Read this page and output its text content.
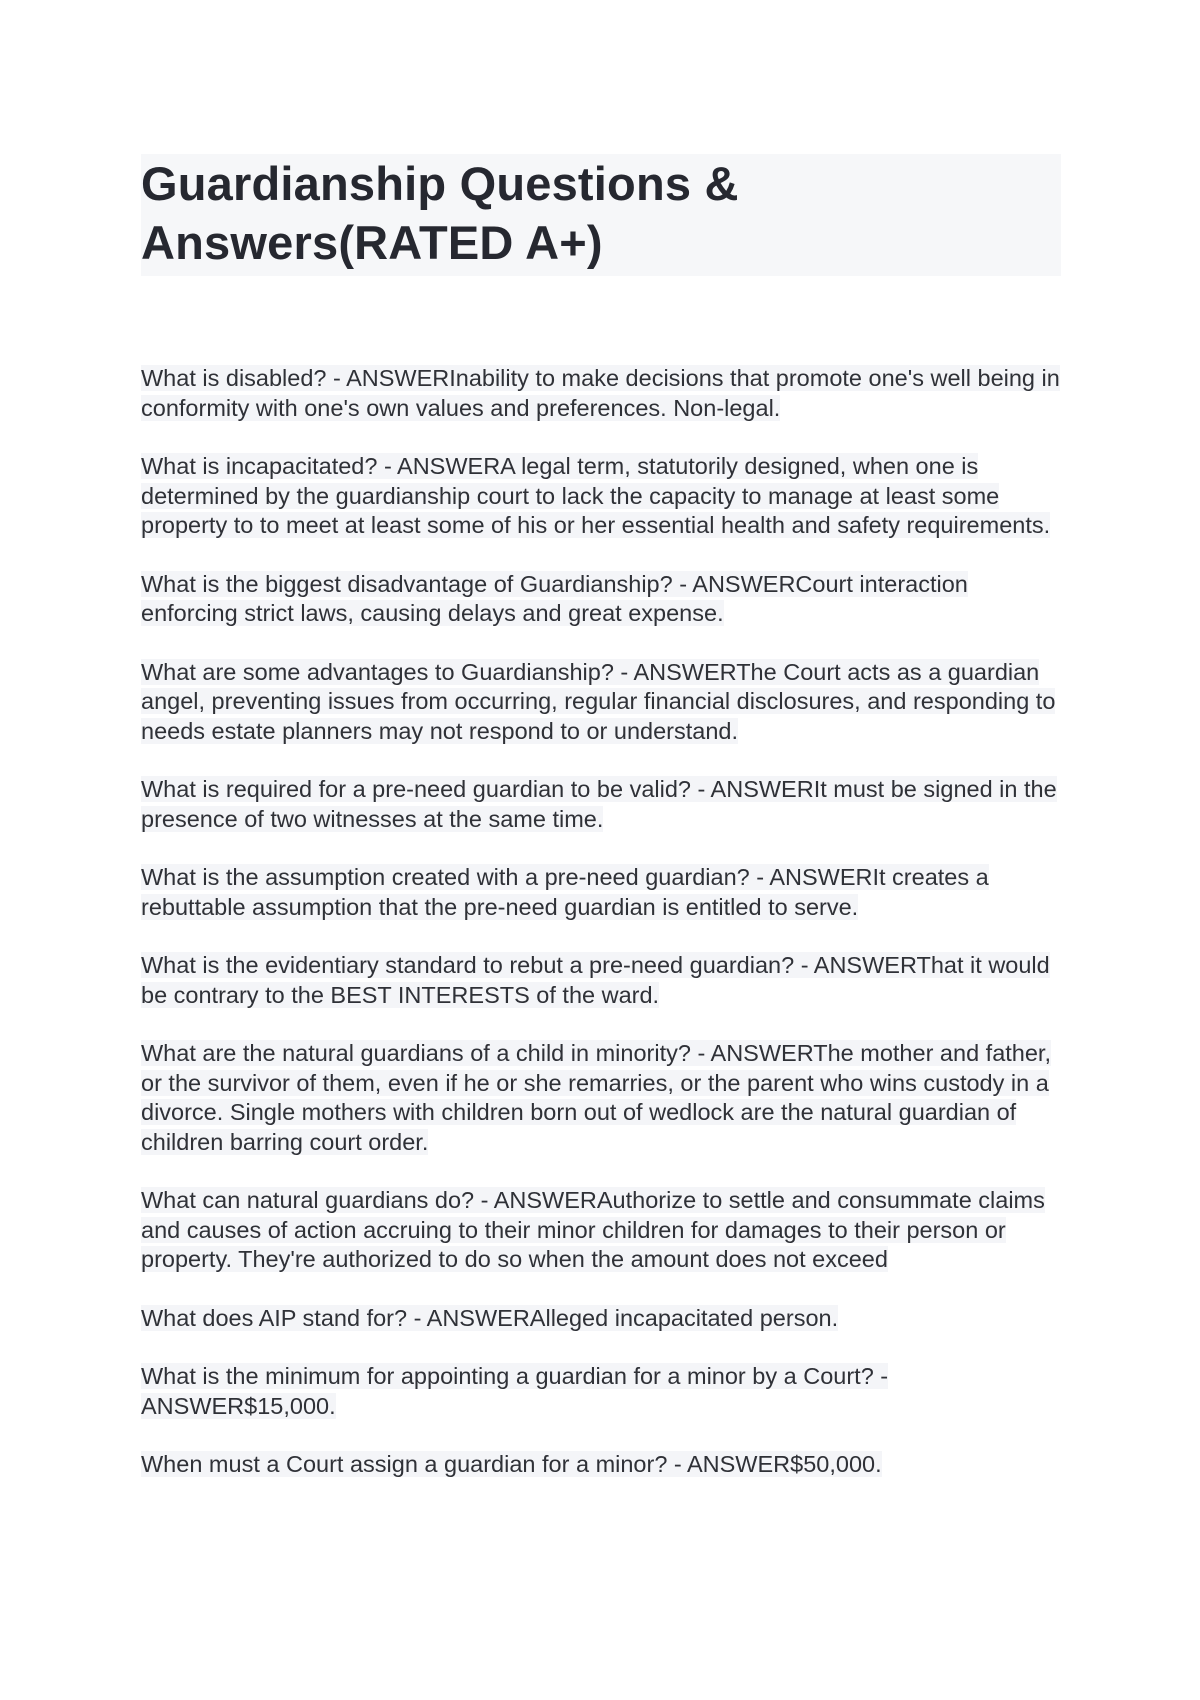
Guardianship Questions & Answers(RATED A+)

What is disabled? - ANSWERInability to make decisions that promote one's well being in conformity with one's own values and preferences. Non-legal.

What is incapacitated? - ANSWERA legal term, statutorily designed, when one is determined by the guardianship court to lack the capacity to manage at least some property to to meet at least some of his or her essential health and safety requirements.

What is the biggest disadvantage of Guardianship? - ANSWERCourt interaction enforcing strict laws, causing delays and great expense.

What are some advantages to Guardianship? - ANSWERThe Court acts as a guardian angel, preventing issues from occurring, regular financial disclosures, and responding to needs estate planners may not respond to or understand.

What is required for a pre-need guardian to be valid? - ANSWERIt must be signed in the presence of two witnesses at the same time.

What is the assumption created with a pre-need guardian? - ANSWERIt creates a rebuttable assumption that the pre-need guardian is entitled to serve.

What is the evidentiary standard to rebut a pre-need guardian? - ANSWERThat it would be contrary to the BEST INTERESTS of the ward.

What are the natural guardians of a child in minority? - ANSWERThe mother and father, or the survivor of them, even if he or she remarries, or the parent who wins custody in a divorce. Single mothers with children born out of wedlock are the natural guardian of children barring court order.

What can natural guardians do? - ANSWERAuthorize to settle and consummate claims and causes of action accruing to their minor children for damages to their person or property. They're authorized to do so when the amount does not exceed

What does AIP stand for? - ANSWERAlleged incapacitated person.

What is the minimum for appointing a guardian for a minor by a Court? - ANSWER$15,000.

When must a Court assign a guardian for a minor? - ANSWER$50,000.
